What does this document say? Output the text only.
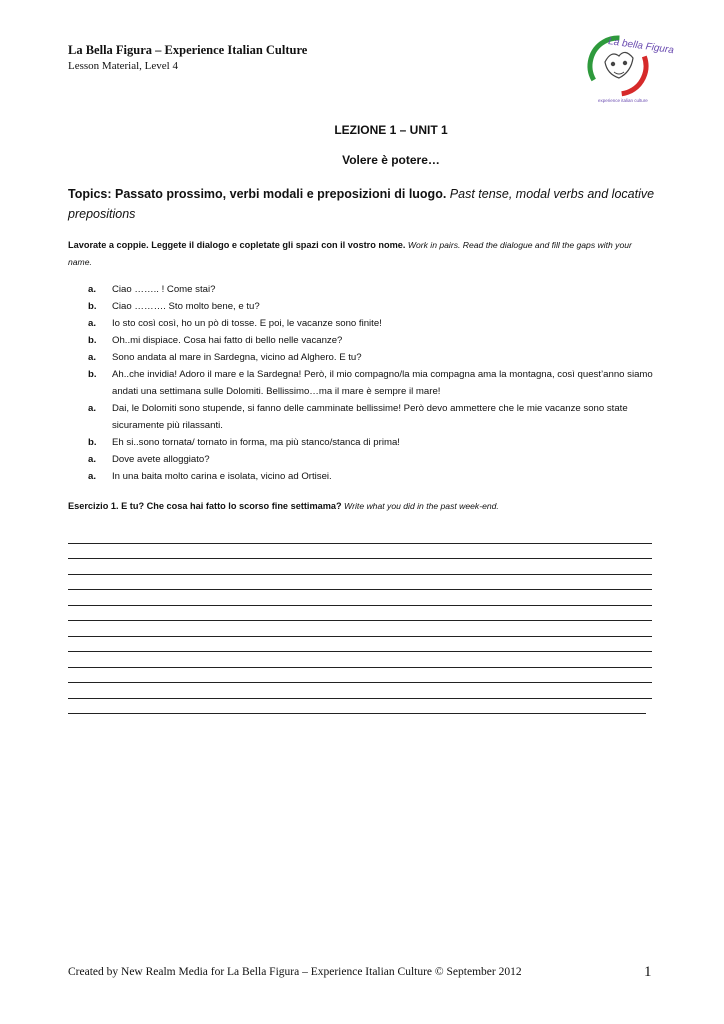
La Bella Figura – Experience Italian Culture
Lesson Material, Level 4
La bella Figura
experience italian culture
LEZIONE 1 – UNIT 1
Volere è potere…
Topics: Passato prossimo, verbi modali e preposizioni di luogo. Past tense, modal verbs and locative prepositions
Lavorate a coppie. Leggete il dialogo e copletate gli spazi con il vostro nome. Work in pairs. Read the dialogue and fill the gaps with your name.
a.	Ciao …….. ! Come stai?
b.	Ciao ………. Sto molto bene, e tu?
a.	Io sto così così, ho un pò di tosse. E poi, le vacanze sono finite!
b.	Oh..mi dispiace. Cosa hai fatto di bello nelle vacanze?
a.	Sono andata al mare in Sardegna, vicino ad Alghero. E tu?
b.	Ah..che invidia! Adoro il mare e la Sardegna! Però, il mio compagno/la mia compagna ama la montagna, così quest’anno siamo andati una settimana sulle Dolomiti. Bellissimo…ma il mare è sempre il mare!
a.	Dai, le Dolomiti sono stupende, si fanno delle camminate bellissime! Però devo ammettere che le mie vacanze sono state sicuramente più rilassanti.
b.	Eh si..sono tornata/ tornato in forma, ma più stanco/stanca di prima!
a.	Dove avete alloggiato?
a.	In una baita molto carina e isolata, vicino ad Ortisei.
Esercizio 1. E tu? Che cosa hai fatto lo scorso fine settimama? Write what you did in the past week-end.
Created by New Realm Media for La Bella Figura – Experience Italian Culture © September 2012	1
